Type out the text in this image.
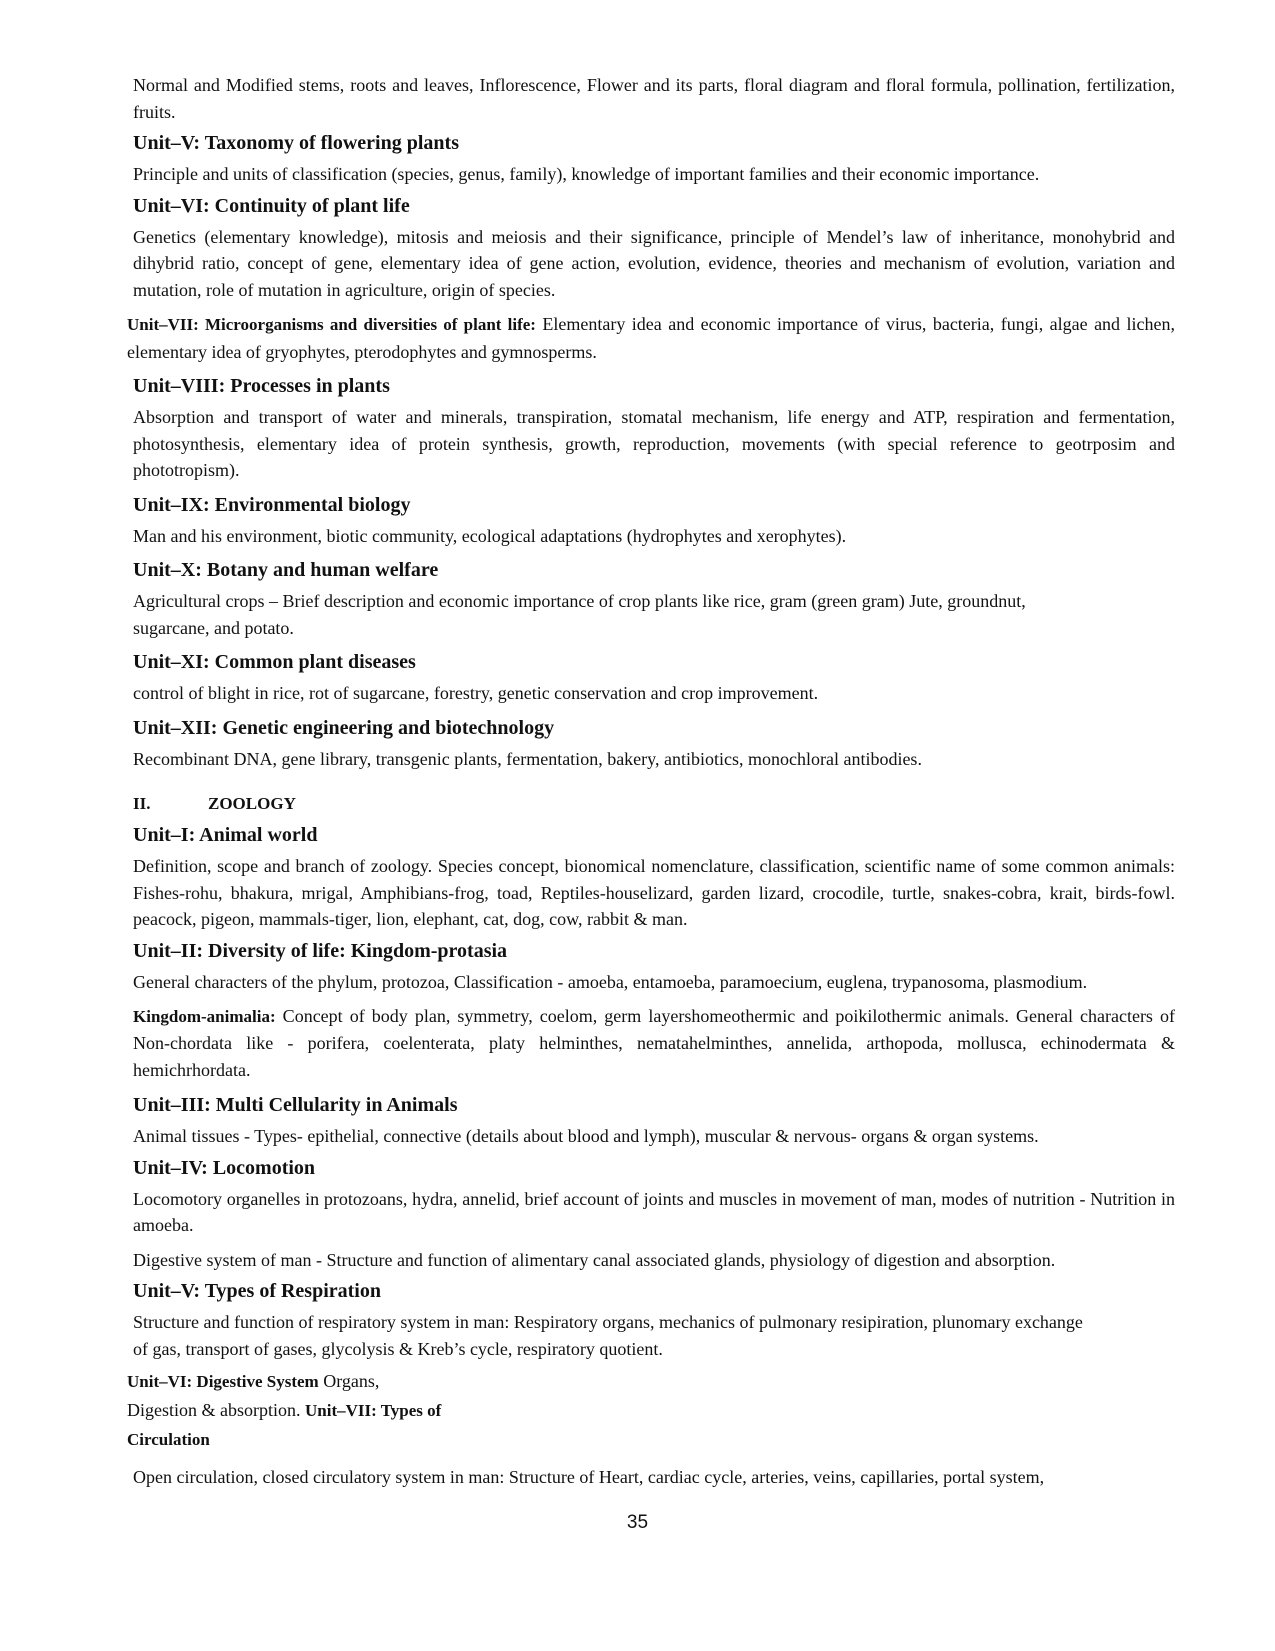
Normal and Modified stems, roots and leaves, Inflorescence, Flower and its parts, floral diagram and floral formula, pollination, fertilization, fruits.

Unit–V: Taxonomy of flowering plants

Principle and units of classification (species, genus, family), knowledge of important families and their economic importance.

Unit–VI: Continuity of plant life

Genetics (elementary knowledge), mitosis and meiosis and their significance, principle of Mendel’s law of inheritance, monohybrid and dihybrid ratio, concept of gene, elementary idea of gene action, evolution, evidence, theories and mechanism of evolution, variation and mutation, role of mutation in agriculture, origin of species.

Unit–VII: Microorganisms and diversities of plant life: Elementary idea and economic importance of virus, bacteria, fungi, algae and lichen, elementary idea of gryophytes, pterodophytes and gymnosperms.

Unit–VIII: Processes in plants

Absorption and transport of water and minerals, transpiration, stomatal mechanism, life energy and ATP, respiration and fermentation, photosynthesis, elementary idea of protein synthesis, growth, reproduction, movements (with special reference to geotrposim and phototropism).

Unit–IX: Environmental biology

Man and his environment, biotic community, ecological adaptations (hydrophytes and xerophytes).

Unit–X: Botany and human welfare

Agricultural crops – Brief description and economic importance of crop plants like rice, gram (green gram) Jute, groundnut, sugarcane, and potato.

Unit–XI: Common plant diseases

control of blight in rice, rot of sugarcane, forestry, genetic conservation and crop improvement.

Unit–XII: Genetic engineering and biotechnology

Recombinant DNA, gene library, transgenic plants, fermentation, bakery, antibiotics, monochloral antibodies.

II.	ZOOLOGY
Unit–I: Animal world

Definition, scope and branch of zoology. Species concept, bionomical nomenclature, classification, scientific name of some common animals: Fishes-rohu, bhakura, mrigal, Amphibians-frog, toad, Reptiles-houselizard, garden lizard, crocodile, turtle, snakes-cobra, krait, birds-fowl. peacock, pigeon, mammals-tiger, lion, elephant, cat, dog, cow, rabbit & man.

Unit–II: Diversity of life: Kingdom-protasia

General characters of the phylum, protozoa, Classification - amoeba, entamoeba, paramoecium, euglena, trypanosoma, plasmodium.

Kingdom-animalia: Concept of body plan, symmetry, coelom, germ layershomeothermic and poikilothermic animals. General characters of Non-chordata like - porifera, coelenterata, platy helminthes, nematahelminthes, annelida, arthopoda, mollusca, echinodermata & hemichrhordata.

Unit–III: Multi Cellularity in Animals

Animal tissues - Types- epithelial, connective (details about blood and lymph), muscular & nervous- organs & organ systems.

Unit–IV: Locomotion

Locomotory organelles in protozoans, hydra, annelid, brief account of joints and muscles in movement of man, modes of nutrition - Nutrition in amoeba.

Digestive system of man - Structure and function of alimentary canal associated glands, physiology of digestion and absorption.

Unit–V: Types of Respiration

Structure and function of respiratory system in man: Respiratory organs, mechanics of pulmonary resipiration, plunomary exchange of gas, transport of gases, glycolysis & Kreb’s cycle, respiratory quotient.

Unit–VI: Digestive System Organs,

Digestion & absorption. Unit–VII: Types of

Circulation

Open circulation, closed circulatory system in man: Structure of Heart, cardiac cycle, arteries, veins, capillaries, portal system,

35
